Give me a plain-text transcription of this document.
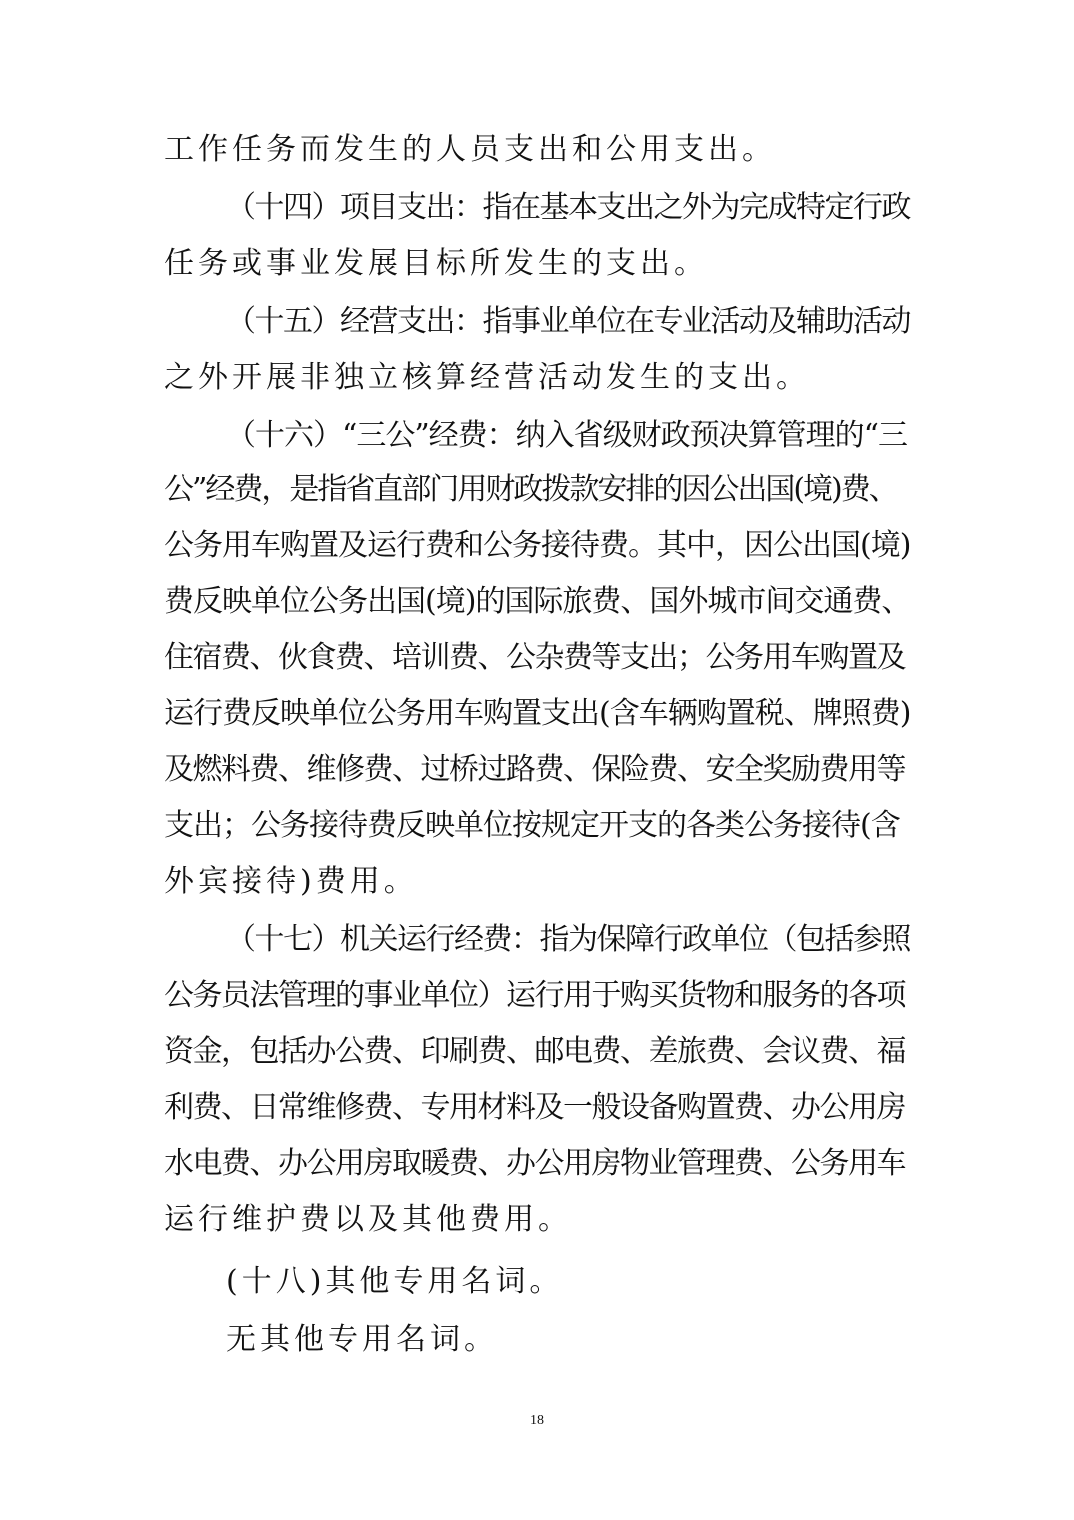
工作任务而发生的人员支出和公用支出。
（十四）项目支出：指在基本支出之外为完成特定行政
任务或事业发展目标所发生的支出。
（十五）经营支出：指事业单位在专业活动及辅助活动
之外开展非独立核算经营活动发生的支出。
（十六）“三公”经费：纳入省级财政预决算管理的“三
公”经费，是指省直部门用财政拨款安排的因公出国(境)费、
公务用车购置及运行费和公务接待费。其中，因公出国(境)
费反映单位公务出国(境)的国际旅费、国外城市间交通费、
住宿费、伙食费、培训费、公杂费等支出；公务用车购置及
运行费反映单位公务用车购置支出(含车辆购置税、牌照费)
及燃料费、维修费、过桥过路费、保险费、安全奖励费用等
支出；公务接待费反映单位按规定开支的各类公务接待(含
外宾接待)费用。
（十七）机关运行经费：指为保障行政单位（包括参照
公务员法管理的事业单位）运行用于购买货物和服务的各项
资金，包括办公费、印刷费、邮电费、差旅费、会议费、福
利费、日常维修费、专用材料及一般设备购置费、办公用房
水电费、办公用房取暖费、办公用房物业管理费、公务用车
运行维护费以及其他费用。
(十八)其他专用名词。
无其他专用名词。
18
